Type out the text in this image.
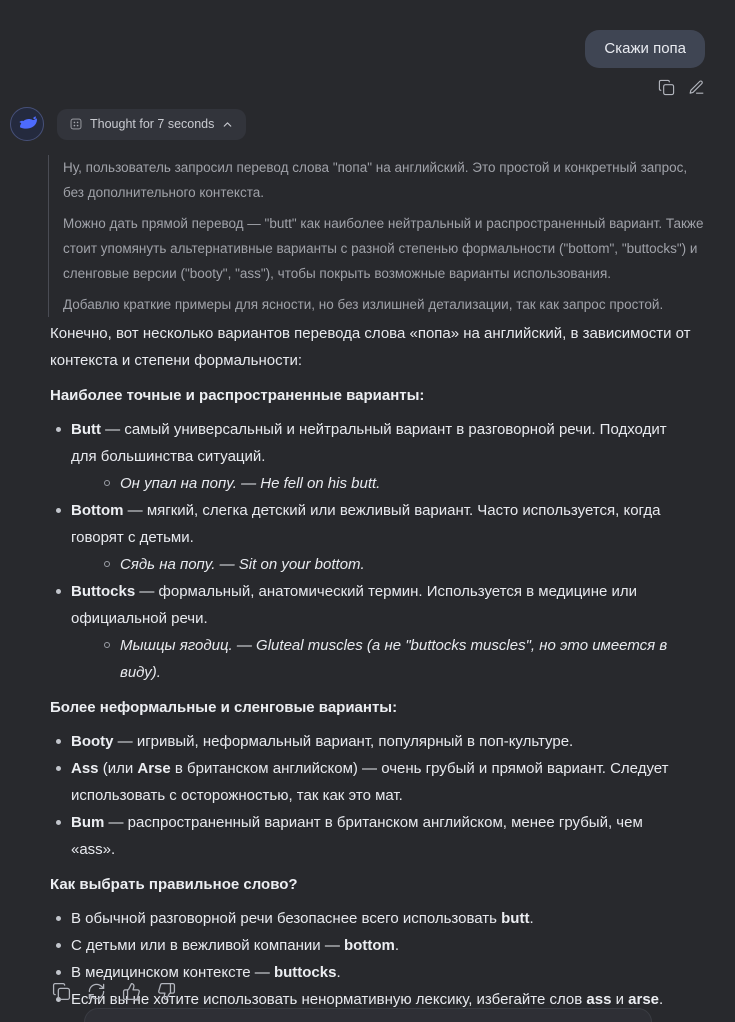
Скажи попа
Thought for 7 seconds

Ну, пользователь запросил перевод слова "попа" на английский. Это простой и конкретный запрос, без дополнительного контекста.

Можно дать прямой перевод — "butt" как наиболее нейтральный и распространенный вариант. Также стоит упомянуть альтернативные варианты с разной степенью формальности ("bottom", "buttocks") и сленговые версии ("booty", "ass"), чтобы покрыть возможные варианты использования.

Добавлю краткие примеры для ясности, но без излишней детализации, так как запрос простой.

Конечно, вот несколько вариантов перевода слова «попа» на английский, в зависимости от контекста и степени формальности:

Наиболее точные и распространенные варианты:

Butt — самый универсальный и нейтральный вариант в разговорной речи. Подходит для большинства ситуаций.
Он упал на попу. — He fell on his butt.
Bottom — мягкий, слегка детский или вежливый вариант. Часто используется, когда говорят с детьми.
Сядь на попу. — Sit on your bottom.
Buttocks — формальный, анатомический термин. Используется в медицине или официальной речи.
Мышцы ягодиц. — Gluteal muscles (а не "buttocks muscles", но это имеется в виду).

Более неформальные и сленговые варианты:

Booty — игривый, неформальный вариант, популярный в поп-культуре.
Ass (или Arse в британском английском) — очень грубый и прямой вариант. Следует использовать с осторожностью, так как это мат.
Bum — распространенный вариант в британском английском, менее грубый, чем «ass».

Как выбрать правильное слово?

В обычной разговорной речи безопаснее всего использовать butt.
С детьми или в вежливой компании — bottom.
В медицинском контексте — buttocks.
Если вы не хотите использовать ненормативную лексику, избегайте слов ass и arse.
